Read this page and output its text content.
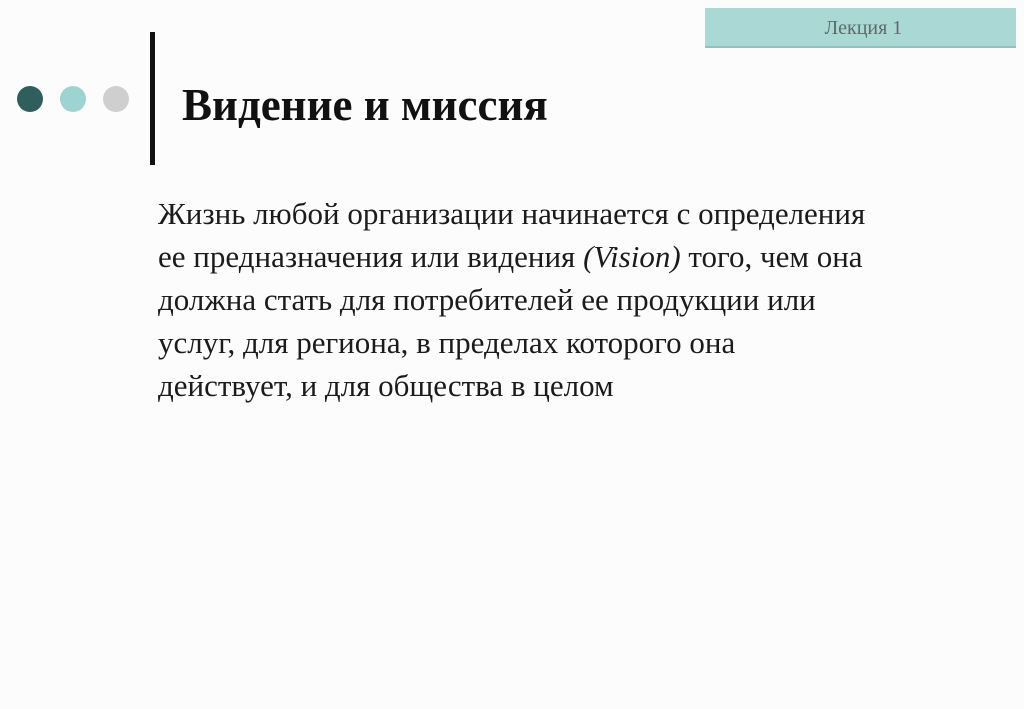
Лекция 1
Видение и миссия

Жизнь любой организации начинается с определения
ее предназначения или видения (Vision) того, чем она
должна стать для потребителей ее продукции или
услуг, для региона, в пределах которого она
действует, и для общества в целом
